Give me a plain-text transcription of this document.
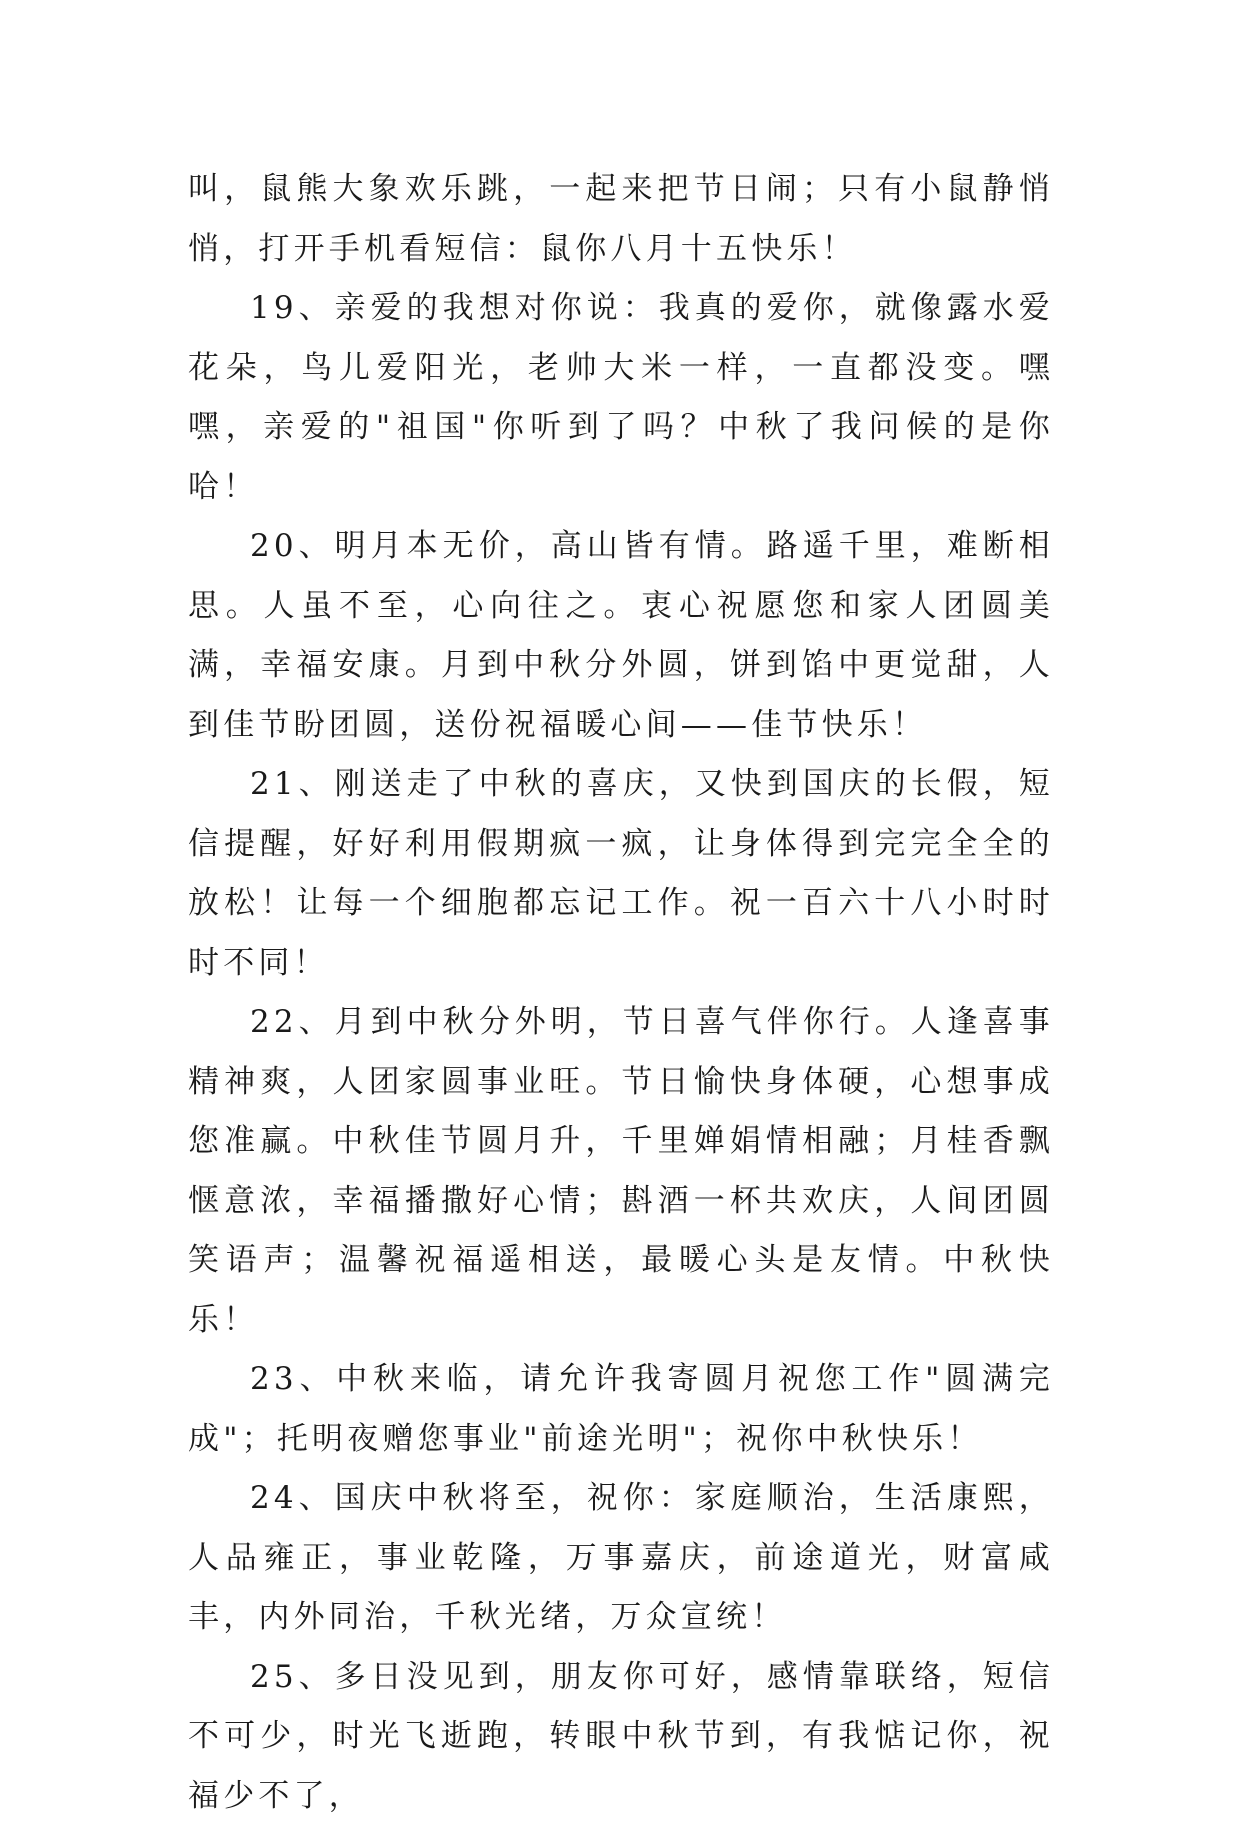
叫，鼠熊大象欢乐跳，一起来把节日闹；只有小鼠静悄悄，打开手机看短信：鼠你八月十五快乐！

19、亲爱的我想对你说：我真的爱你，就像露水爱花朵，鸟儿爱阳光，老帅大米一样，一直都没变。嘿嘿，亲爱的"祖国"你听到了吗？中秋了我问候的是你哈！

20、明月本无价，高山皆有情。路遥千里，难断相思。人虽不至，心向往之。衷心祝愿您和家人团圆美满，幸福安康。月到中秋分外圆，饼到馅中更觉甜，人到佳节盼团圆，送份祝福暖心间——佳节快乐！

21、刚送走了中秋的喜庆，又快到国庆的长假，短信提醒，好好利用假期疯一疯，让身体得到完完全全的放松！让每一个细胞都忘记工作。祝一百六十八小时时时不同！

22、月到中秋分外明，节日喜气伴你行。人逢喜事精神爽，人团家圆事业旺。节日愉快身体硬，心想事成您准赢。中秋佳节圆月升，千里婵娟情相融；月桂香飘惬意浓，幸福播撒好心情；斟酒一杯共欢庆，人间团圆笑语声；温馨祝福遥相送，最暖心头是友情。中秋快乐！

23、中秋来临，请允许我寄圆月祝您工作"圆满完成"；托明夜赠您事业"前途光明"；祝你中秋快乐！

24、国庆中秋将至，祝你：家庭顺治，生活康熙，人品雍正，事业乾隆，万事嘉庆，前途道光，财富咸丰，内外同治，千秋光绪，万众宣统！

25、多日没见到，朋友你可好，感情靠联络，短信不可少，时光飞逝跑，转眼中秋节到，有我惦记你，祝福少不了，
